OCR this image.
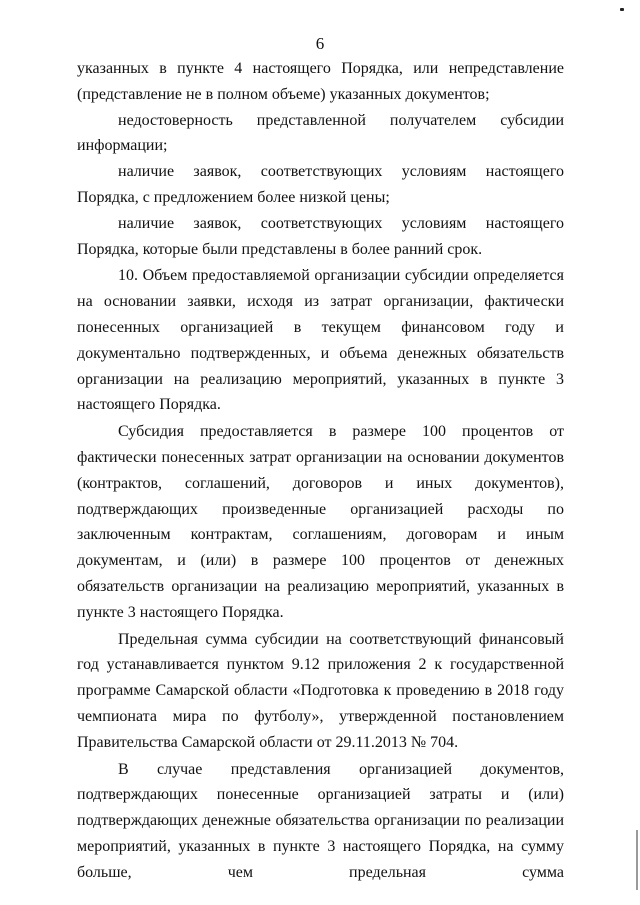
6

указанных в пункте 4 настоящего Порядка, или непредставление (представление не в полном объеме) указанных документов;

недостоверность представленной получателем субсидии информации;

наличие заявок, соответствующих условиям настоящего Порядка, с предложением более низкой цены;

наличие заявок, соответствующих условиям настоящего Порядка, которые были представлены в более ранний срок.

10. Объем предоставляемой организации субсидии определяется на основании заявки, исходя из затрат организации, фактически понесенных организацией в текущем финансовом году и документально подтвержденных, и объема денежных обязательств организации на реализацию мероприятий, указанных в пункте 3 настоящего Порядка.

Субсидия предоставляется в размере 100 процентов от фактически понесенных затрат организации на основании документов (контрактов, соглашений, договоров и иных документов), подтверждающих произведенные организацией расходы по заключенным контрактам, соглашениям, договорам и иным документам, и (или) в размере 100 процентов от денежных обязательств организации на реализацию мероприятий, указанных в пункте 3 настоящего Порядка.

Предельная сумма субсидии на соответствующий финансовый год устанавливается пунктом 9.12 приложения 2 к государственной программе Самарской области «Подготовка к проведению в 2018 году чемпионата мира по футболу», утвержденной постановлением Правительства Самарской области от 29.11.2013 № 704.

В случае представления организацией документов, подтверждающих понесенные организацией затраты и (или) подтверждающих денежные обязательства организации по реализации мероприятий, указанных в пункте 3 настоящего Порядка, на сумму больше, чем предельная сумма
